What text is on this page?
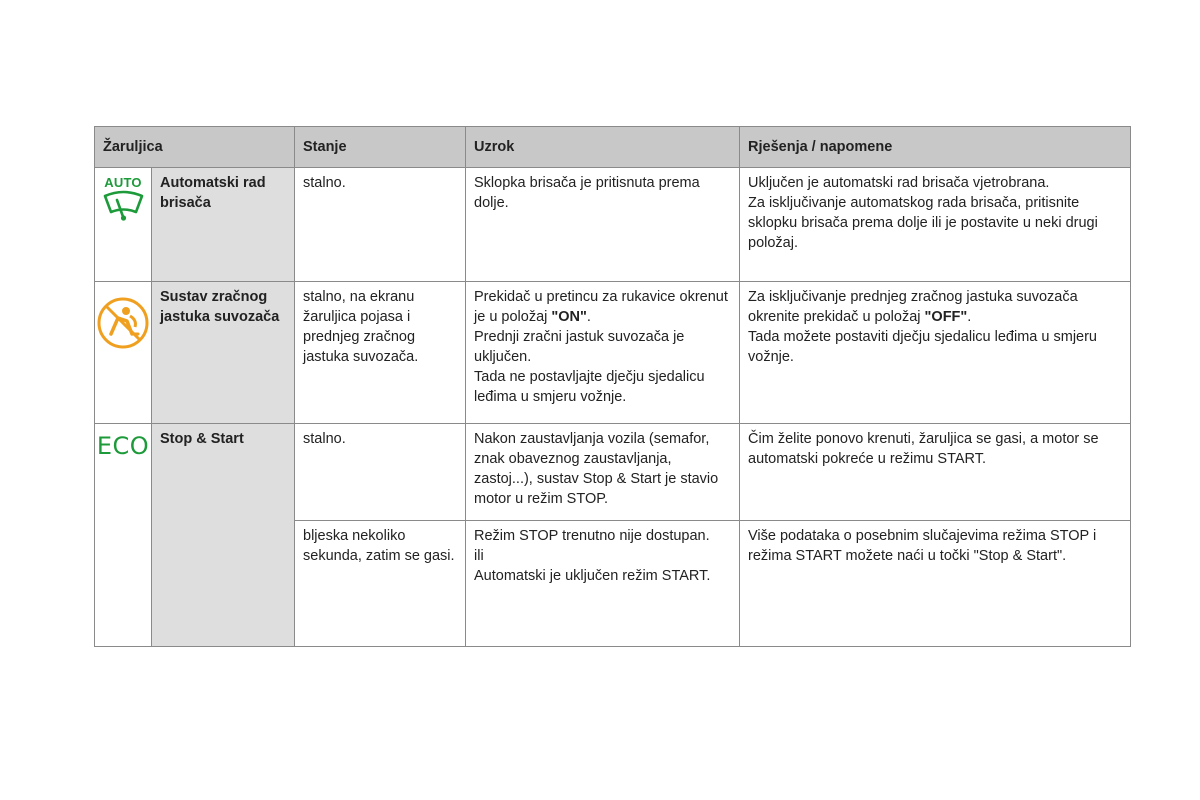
Žaruljica		Stanje	Uzrok	Rješenja / napomene

AUTO	Automatski rad brisača	stalno.	Sklopka brisača je pritisnuta prema dolje.	Uključen je automatski rad brisača vjetrobrana.
Za isključivanje automatskog rada brisača, pritisnite sklopku brisača prema dolje ili je postavite u neki drugi položaj.

Sustav zračnog jastuka suvozača	stalno, na ekranu žaruljica pojasa i prednjeg zračnog jastuka suvozača.	Prekidač u pretincu za rukavice okrenut je u položaj "ON".
Prednji zračni jastuk suvozača je uključen.
Tada ne postavljajte dječju sjedalicu leđima u smjeru vožnje.	Za isključivanje prednjeg zračnog jastuka suvozača okrenite prekidač u položaj "OFF".
Tada možete postaviti dječju sjedalicu leđima u smjeru vožnje.

ECO	Stop & Start	stalno.	Nakon zaustavljanja vozila (semafor, znak obaveznog zaustavljanja, zastoj...), sustav Stop & Start je stavio motor u režim STOP.	Čim želite ponovo krenuti, žaruljica se gasi, a motor se automatski pokreće u režimu START.

		bljeska nekoliko sekunda, zatim se gasi.	Režim STOP trenutno nije dostupan.
ili
Automatski je uključen režim START.	Više podataka o posebnim slučajevima režima STOP i režima START možete naći u točki "Stop & Start".
